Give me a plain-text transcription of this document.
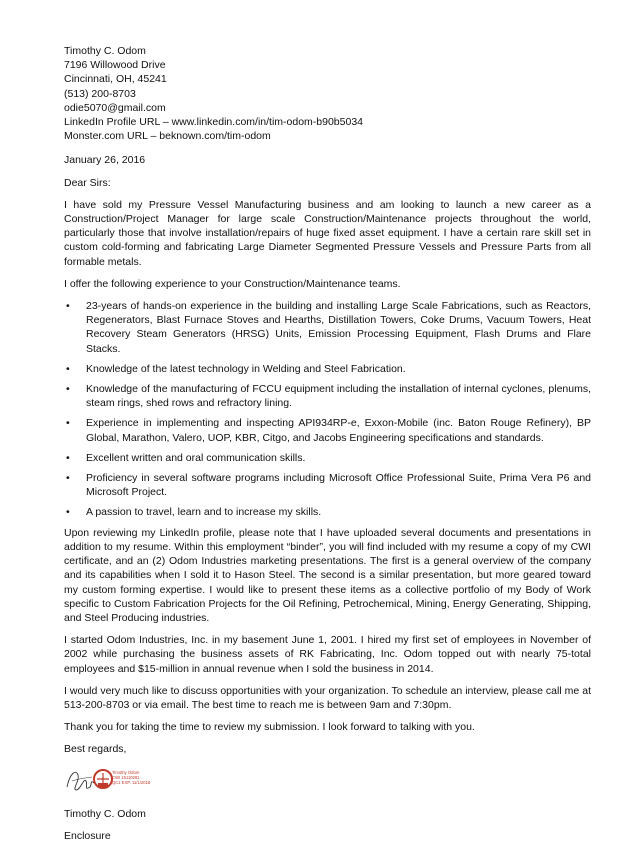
Timothy C. Odom
7196 Willowood Drive
Cincinnati, OH, 45241
(513) 200-8703
odie5070@gmail.com
LinkedIn Profile URL – www.linkedin.com/in/tim-odom-b90b5034
Monster.com URL – beknown.com/tim-odom

January 26, 2016

Dear Sirs:

I have sold my Pressure Vessel Manufacturing business and am looking to launch a new career as a Construction/Project Manager for large scale Construction/Maintenance projects throughout the world, particularly those that involve installation/repairs of huge fixed asset equipment. I have a certain rare skill set in custom cold-forming and fabricating Large Diameter Segmented Pressure Vessels and Pressure Parts from all formable metals.

I offer the following experience to your Construction/Maintenance teams.

• 23-years of hands-on experience in the building and installing Large Scale Fabrications, such as Reactors, Regenerators, Blast Furnace Stoves and Hearths, Distillation Towers, Coke Drums, Vacuum Towers, Heat Recovery Steam Generators (HRSG) Units, Emission Processing Equipment, Flash Drums and Flare Stacks.
• Knowledge of the latest technology in Welding and Steel Fabrication.
• Knowledge of the manufacturing of FCCU equipment including the installation of internal cyclones, plenums, steam rings, shed rows and refractory lining.
• Experience in implementing and inspecting API934RP-e, Exxon-Mobile (inc. Baton Rouge Refinery), BP Global, Marathon, Valero, UOP, KBR, Citgo, and Jacobs Engineering specifications and standards.
• Excellent written and oral communication skills.
• Proficiency in several software programs including Microsoft Office Professional Suite, Prima Vera P6 and Microsoft Project.
• A passion to travel, learn and to increase my skills.

Upon reviewing my LinkedIn profile, please note that I have uploaded several documents and presentations in addition to my resume. Within this employment “binder”, you will find included with my resume a copy of my CWI certificate, and an (2) Odom Industries marketing presentations. The first is a general overview of the company and its capabilities when I sold it to Hason Steel. The second is a similar presentation, but more geared toward my custom forming expertise. I would like to present these items as a collective portfolio of my Body of Work specific to Custom Fabrication Projects for the Oil Refining, Petrochemical, Mining, Energy Generating, Shipping, and Steel Producing industries.

I started Odom Industries, Inc. in my basement June 1, 2001. I hired my first set of employees in November of 2002 while purchasing the business assets of RK Fabricating, Inc. Odom topped out with nearly 75-total employees and $15-million in annual revenue when I sold the business in 2014.

I would very much like to discuss opportunities with your organization. To schedule an interview, please call me at 513-200-8703 or via email. The best time to reach me is between 9am and 7:30pm.

Thank you for taking the time to review my submission. I look forward to talking with you.

Best regards,

Timothy Odom
CWI 15110291
QC1 EXP. 11/1/2018

Timothy C. Odom

Enclosure
